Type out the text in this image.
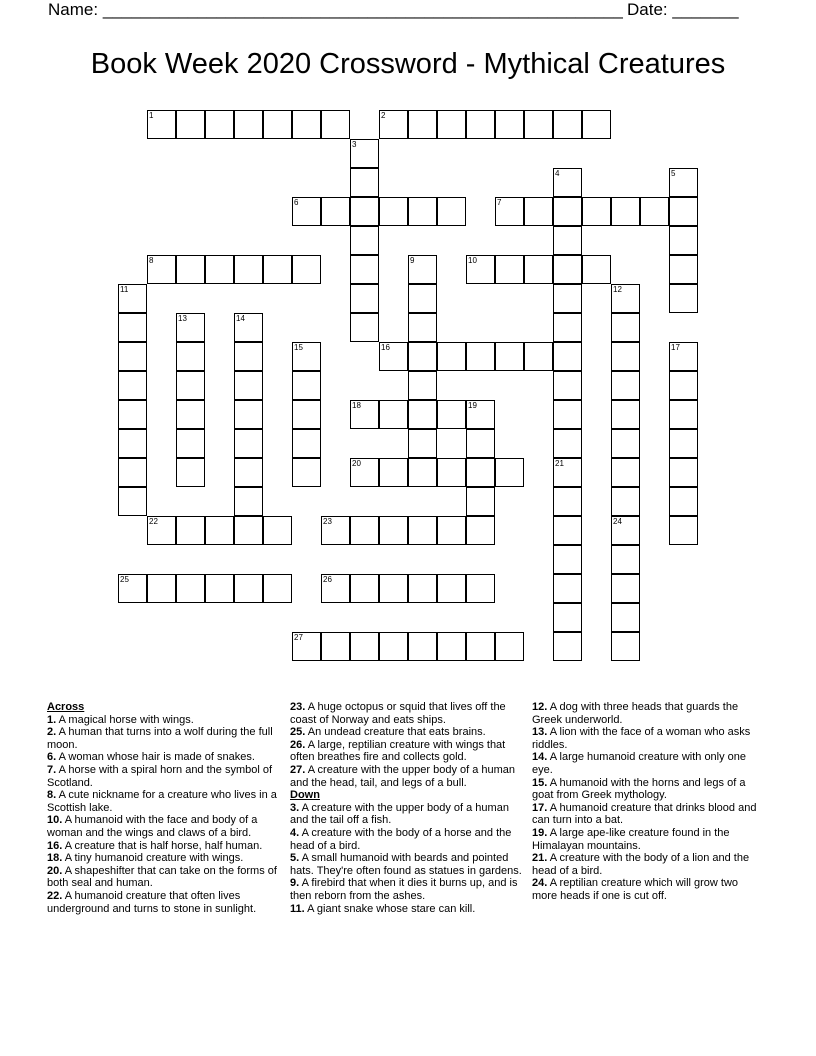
Name: _______________________________________________________ Date: _______
Book Week 2020 Crossword - Mythical Creatures
1	2
3
4
21
5
6	7
8	9	10
11	12
13	14
15	16	17
18	19
20
22	23	24
25	26
27
Across
1. A magical horse with wings.
2. A human that turns into a wolf during the full moon.
6. A woman whose hair is made of snakes.
7. A horse with a spiral horn and the symbol of Scotland.
8. A cute nickname for a creature who lives in a Scottish lake.
10. A humanoid with the face and body of a woman and the wings and claws of a bird.
16. A creature that is half horse, half human.
18. A tiny humanoid creature with wings.
20. A shapeshifter that can take on the forms of both seal and human.
22. A humanoid creature that often lives underground and turns to stone in sunlight.
23. A huge octopus or squid that lives off the coast of Norway and eats ships.
25. An undead creature that eats brains.
26. A large, reptilian creature with wings that often breathes fire and collects gold.
27. A creature with the upper body of a human and the head, tail, and legs of a bull.
Down
3. A creature with the upper body of a human and the tail off a fish.
4. A creature with the body of a horse and the head of a bird.
5. A small humanoid with beards and pointed hats. They're often found as statues in gardens.
9. A firebird that when it dies it burns up, and is then reborn from the ashes.
11. A giant snake whose stare can kill.
12. A dog with three heads that guards the Greek underworld.
13. A lion with the face of a woman who asks riddles.
14. A large humanoid creature with only one eye.
15. A humanoid with the horns and legs of a goat from Greek mythology.
17. A humanoid creature that drinks blood and can turn into a bat.
19. A large ape-like creature found in the Himalayan mountains.
21. A creature with the body of a lion and the head of a bird.
24. A reptilian creature which will grow two more heads if one is cut off.
